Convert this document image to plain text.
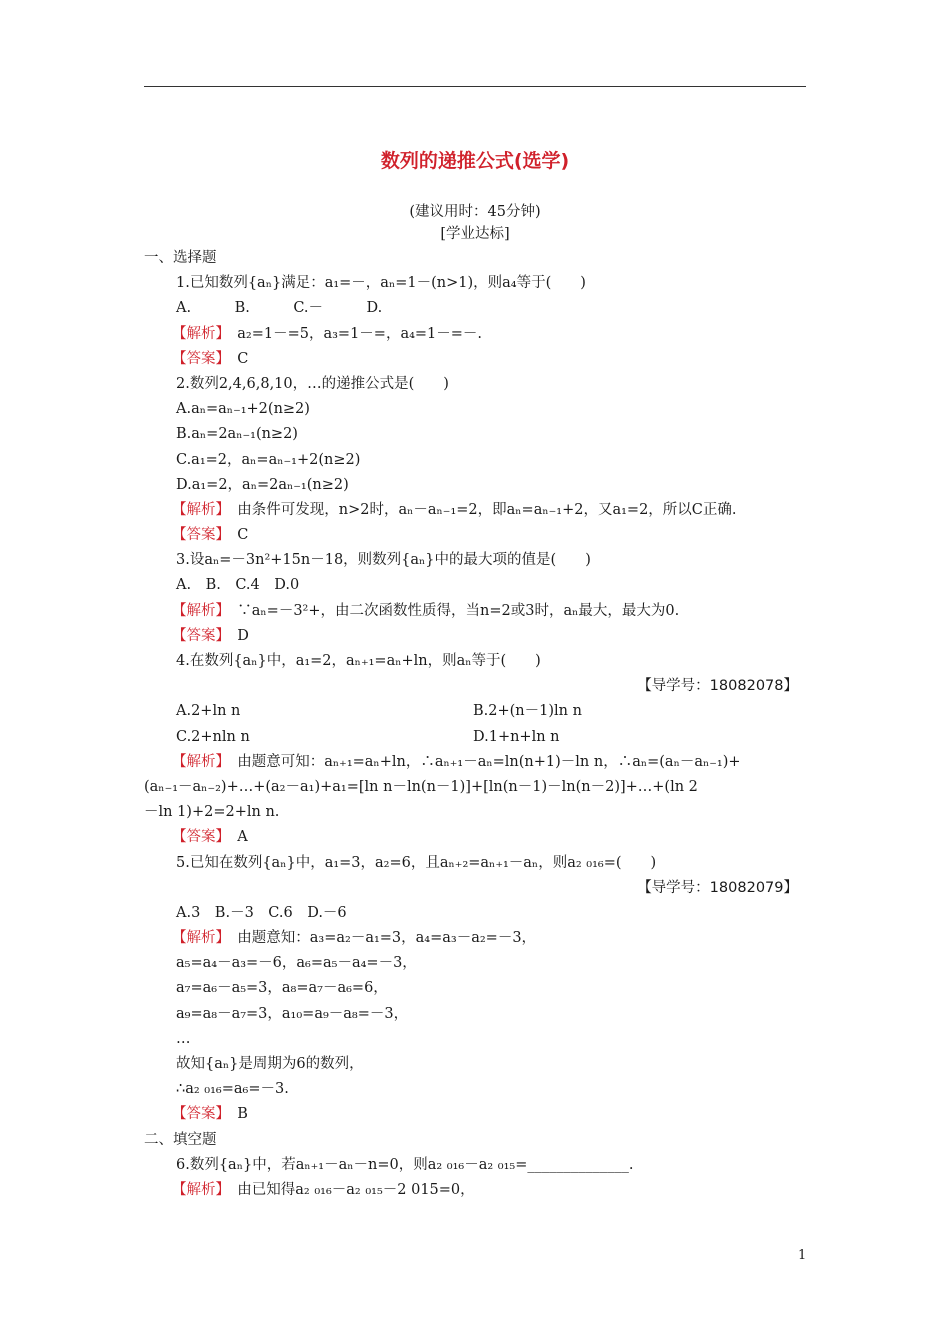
数列的递推公式(选学)
(建议用时：45分钟)
[学业达标]
一、选择题
1.已知数列{aₙ}满足：a₁=－，aₙ=1－(n>1)，则a₄等于(　　)
A.　　　B.　　　C.－　　　D.
【解析】　a₂=1－=5，a₃=1－=，a₄=1－=－.
【答案】　C
2.数列2,4,6,8,10，…的递推公式是(　　)
A.aₙ=aₙ₋₁+2(n≥2)
B.aₙ=2aₙ₋₁(n≥2)
C.a₁=2，aₙ=aₙ₋₁+2(n≥2)
D.a₁=2，aₙ=2aₙ₋₁(n≥2)
【解析】　由条件可发现，n>2时，aₙ－aₙ₋₁=2，即aₙ=aₙ₋₁+2，又a₁=2，所以C正确.
【答案】　C
3.设aₙ=－3n²+15n－18，则数列{aₙ}中的最大项的值是(　　)
A.　B.　C.4　D.0
【解析】　∵aₙ=－3²+，由二次函数性质得，当n=2或3时，aₙ最大，最大为0.
【答案】　D
4.在数列{aₙ}中，a₁=2，aₙ₊₁=aₙ+ln，则aₙ等于(　　)
【导学号：18082078】
A.2+ln n	B.2+(n－1)ln n
C.2+nln n	D.1+n+ln n
【解析】　由题意可知：aₙ₊₁=aₙ+ln，∴aₙ₊₁－aₙ=ln(n+1)－ln n，∴aₙ=(aₙ－aₙ₋₁)+
(aₙ₋₁－aₙ₋₂)+…+(a₂－a₁)+a₁=[ln n－ln(n－1)]+[ln(n－1)－ln(n－2)]+…+(ln 2
－ln 1)+2=2+ln n.
【答案】　A
5.已知在数列{aₙ}中，a₁=3，a₂=6，且aₙ₊₂=aₙ₊₁－aₙ，则a₂ ₀₁₆=(　　)
【导学号：18082079】
A.3　B.－3　C.6　D.－6
【解析】　由题意知：a₃=a₂－a₁=3，a₄=a₃－a₂=－3，
a₅=a₄－a₃=－6，a₆=a₅－a₄=－3，
a₇=a₆－a₅=3，a₈=a₇－a₆=6，
a₉=a₈－a₇=3，a₁₀=a₉－a₈=－3，
…
故知{aₙ}是周期为6的数列，
∴a₂ ₀₁₆=a₆=－3.
【答案】　B
二、填空题
6.数列{aₙ}中，若aₙ₊₁－aₙ－n=0，则a₂ ₀₁₆－a₂ ₀₁₅=______________.
【解析】　由已知得a₂ ₀₁₆－a₂ ₀₁₅－2 015=0，
1
